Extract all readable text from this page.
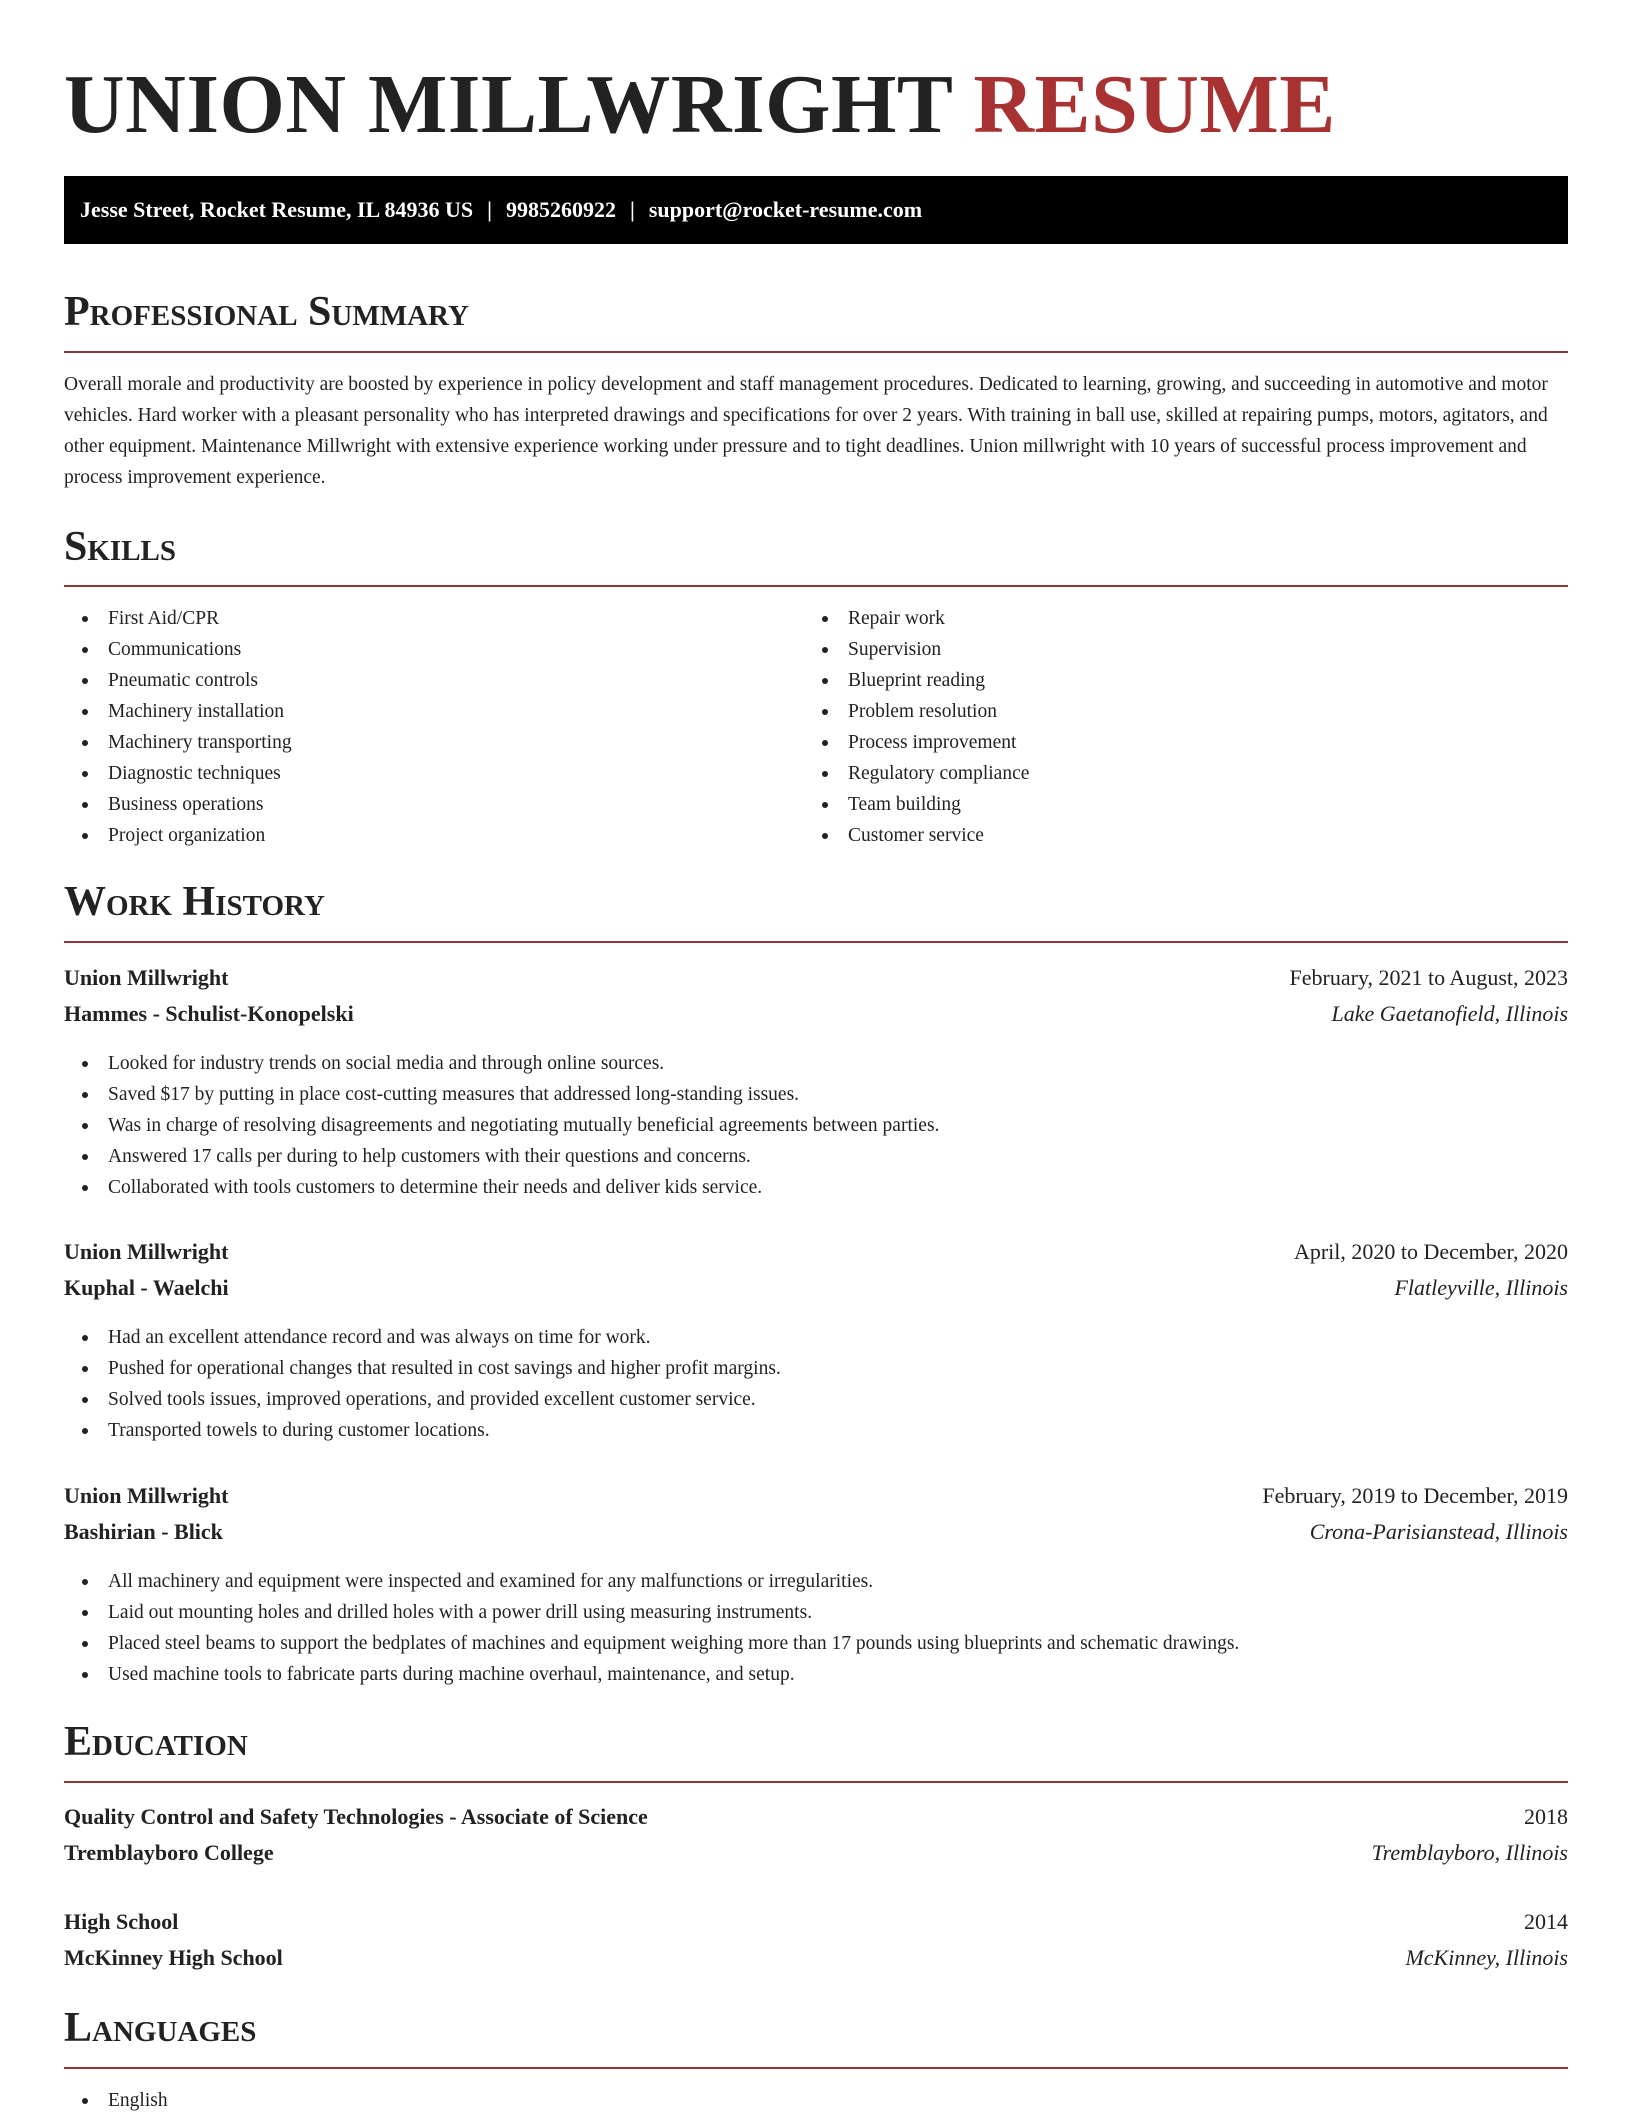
UNION MILLWRIGHT RESUME
Jesse Street, Rocket Resume, IL 84936 US | 9985260922 | support@rocket-resume.com
Professional Summary

Overall morale and productivity are boosted by experience in policy development and staff management procedures. Dedicated to learning, growing, and succeeding in automotive and motor vehicles. Hard worker with a pleasant personality who has interpreted drawings and specifications for over 2 years. With training in ball use, skilled at repairing pumps, motors, agitators, and other equipment. Maintenance Millwright with extensive experience working under pressure and to tight deadlines. Union millwright with 10 years of successful process improvement and process improvement experience.

Skills
First Aid/CPR
Communications
Pneumatic controls
Machinery installation
Machinery transporting
Diagnostic techniques
Business operations
Project organization
Repair work
Supervision
Blueprint reading
Problem resolution
Process improvement
Regulatory compliance
Team building
Customer service
Work History
Union Millwright	February, 2021 to August, 2023
Hammes - Schulist-Konopelski	Lake Gaetanofield, Illinois
Looked for industry trends on social media and through online sources.
Saved $17 by putting in place cost-cutting measures that addressed long-standing issues.
Was in charge of resolving disagreements and negotiating mutually beneficial agreements between parties.
Answered 17 calls per during to help customers with their questions and concerns.
Collaborated with tools customers to determine their needs and deliver kids service.
Union Millwright	April, 2020 to December, 2020
Kuphal - Waelchi	Flatleyville, Illinois
Had an excellent attendance record and was always on time for work.
Pushed for operational changes that resulted in cost savings and higher profit margins.
Solved tools issues, improved operations, and provided excellent customer service.
Transported towels to during customer locations.
Union Millwright	February, 2019 to December, 2019
Bashirian - Blick	Crona-Parisianstead, Illinois
All machinery and equipment were inspected and examined for any malfunctions or irregularities.
Laid out mounting holes and drilled holes with a power drill using measuring instruments.
Placed steel beams to support the bedplates of machines and equipment weighing more than 17 pounds using blueprints and schematic drawings.
Used machine tools to fabricate parts during machine overhaul, maintenance, and setup.
Education
Quality Control and Safety Technologies - Associate of Science	2018
Tremblayboro College	Tremblayboro, Illinois
High School	2014
McKinney High School	McKinney, Illinois
Languages
English
